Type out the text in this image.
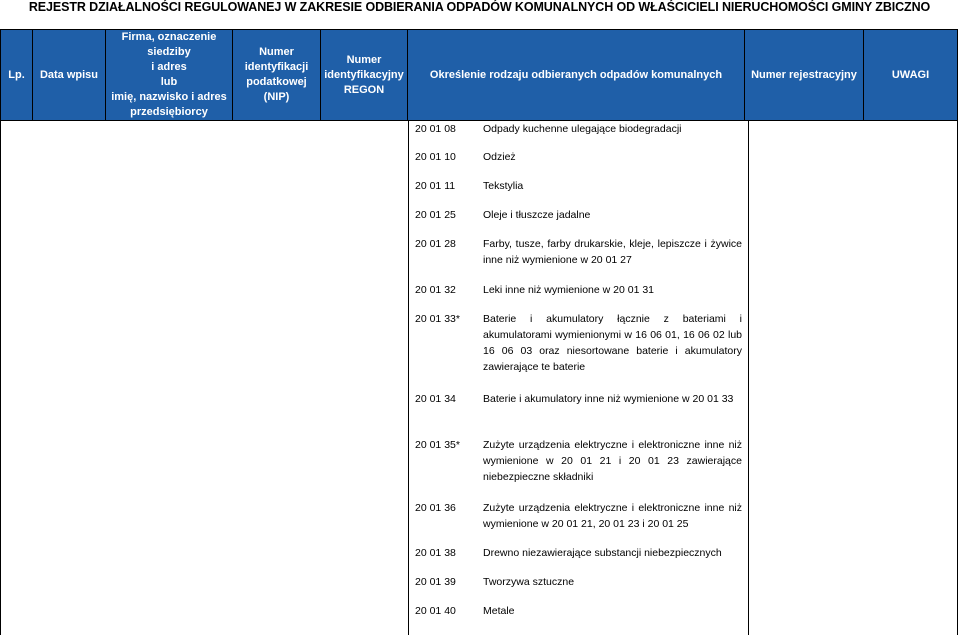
REJESTR DZIAŁALNOŚCI REGULOWANEJ W ZAKRESIE ODBIERANIA ODPADÓW KOMUNALNYCH OD WŁAŚCICIELI NIERUCHOMOŚCI GMINY ZBICZNO
Lp.	Data wpisu	Firma, oznaczenie siedziby
i adres
lub
imię, nazwisko i adres
przedsiębiorcy	Numer
identyfikacji
podatkowej
(NIP)	Numer
identyfikacyjny
REGON	Określenie rodzaju odbieranych odpadów komunalnych	Numer rejestracyjny	UWAGI
20 01 08	Odpady kuchenne ulegające biodegradacji
20 01 10	Odzież
20 01 11	Tekstylia
20 01 25	Oleje i tłuszcze jadalne
20 01 28	Farby, tusze, farby drukarskie, kleje, lepiszcze i żywice inne niż wymienione w 20 01 27
20 01 32	Leki inne niż wymienione w 20 01 31
20 01 33*	Baterie i akumulatory łącznie z bateriami i akumulatorami wymienionymi w 16 06 01, 16 06 02 lub 16 06 03 oraz niesortowane baterie i akumulatory zawierające te baterie
20 01 34	Baterie i akumulatory inne niż wymienione w 20 01 33
20 01 35*	Zużyte urządzenia elektryczne i elektroniczne inne niż wymienione w 20 01 21 i 20 01 23 zawierające niebezpieczne składniki
20 01 36	Zużyte urządzenia elektryczne i elektroniczne inne niż wymienione w 20 01 21, 20 01 23 i 20 01 25
20 01 38	Drewno niezawierające substancji niebezpiecznych
20 01 39	Tworzywa sztuczne
20 01 40	Metale
